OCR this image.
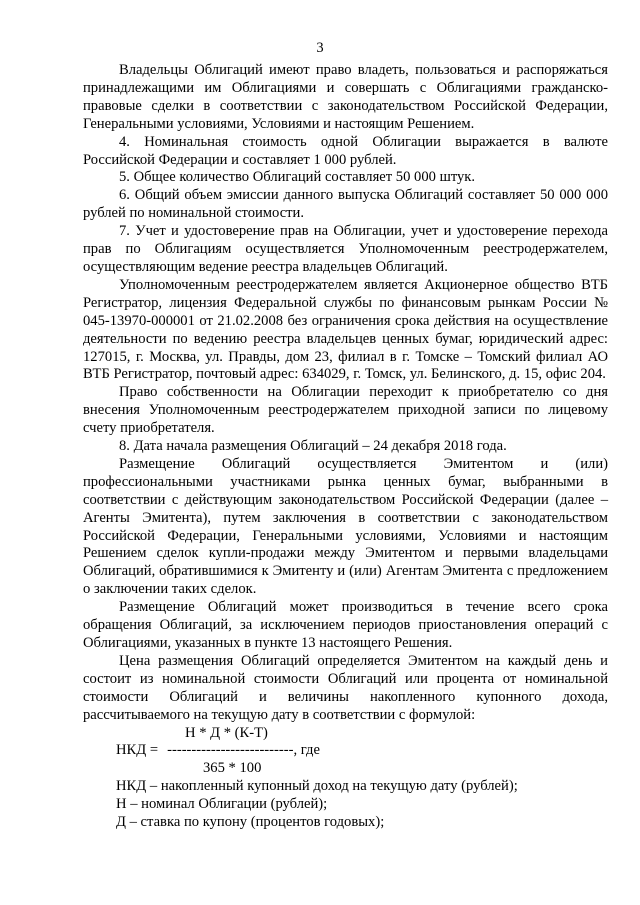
3

Владельцы Облигаций имеют право владеть, пользоваться и распоряжаться принадлежащими им Облигациями и совершать с Облигациями гражданско-правовые сделки в соответствии с законодательством Российской Федерации, Генеральными условиями, Условиями и настоящим Решением.

4. Номинальная стоимость одной Облигации выражается в валюте Российской Федерации и составляет 1 000 рублей.

5. Общее количество Облигаций составляет 50 000 штук.

6. Общий объем эмиссии данного выпуска Облигаций составляет 50 000 000 рублей по номинальной стоимости.

7. Учет и удостоверение прав на Облигации, учет и удостоверение перехода прав по Облигациям осуществляется Уполномоченным реестродержателем, осуществляющим ведение реестра владельцев Облигаций.

Уполномоченным реестродержателем является Акционерное общество ВТБ Регистратор, лицензия Федеральной службы по финансовым рынкам России № 045-13970-000001 от 21.02.2008 без ограничения срока действия на осуществление деятельности по ведению реестра владельцев ценных бумаг, юридический адрес: 127015, г. Москва, ул. Правды, дом 23, филиал в г. Томске – Томский филиал АО ВТБ Регистратор, почтовый адрес: 634029, г. Томск, ул. Белинского, д. 15, офис 204.

Право собственности на Облигации переходит к приобретателю со дня внесения Уполномоченным реестродержателем приходной записи по лицевому счету приобретателя.

8. Дата начала размещения Облигаций – 24 декабря 2018 года.

Размещение Облигаций осуществляется Эмитентом и (или) профессиональными участниками рынка ценных бумаг, выбранными в соответствии с действующим законодательством Российской Федерации (далее – Агенты Эмитента), путем заключения в соответствии с законодательством Российской Федерации, Генеральными условиями, Условиями и настоящим Решением сделок купли-продажи между Эмитентом и первыми владельцами Облигаций, обратившимися к Эмитенту и (или) Агентам Эмитента с предложением о заключении таких сделок.

Размещение Облигаций может производиться в течение всего срока обращения Облигаций, за исключением периодов приостановления операций с Облигациями, указанных в пункте 13 настоящего Решения.

Цена размещения Облигаций определяется Эмитентом на каждый день и состоит из номинальной стоимости Облигаций или процента от номинальной стоимости Облигаций и величины накопленного купонного дохода, рассчитываемого на текущую дату в соответствии с формулой:

Н * Д * (К-Т)

НКД = --------------------------, где

365 * 100

НКД – накопленный купонный доход на текущую дату (рублей);

Н – номинал Облигации (рублей);

Д – ставка по купону (процентов годовых);
